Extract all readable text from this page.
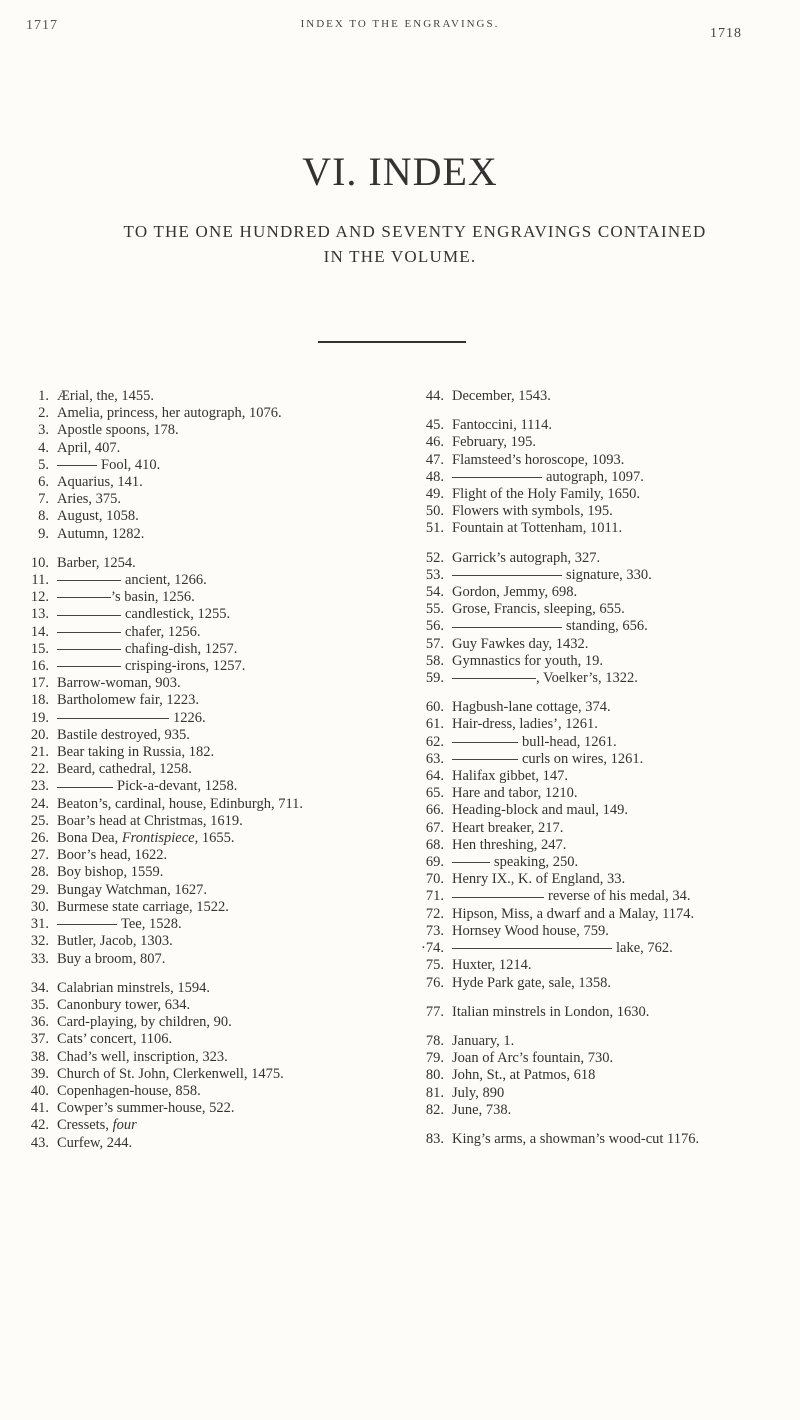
1717	INDEX TO THE ENGRAVINGS.
1718
VI. INDEX
TO THE ONE HUNDRED AND SEVENTY ENGRAVINGS CONTAINED
IN THE VOLUME.
1. Ærial, the, 1455.
2. Amelia, princess, her autograph, 1076.
3. Apostle spoons, 178.
4. April, 407.
5.	Fool, 410.
6. Aquarius, 141.
7. Aries, 375.
8. August, 1058.
9. Autumn, 1282.
10. Barber, 1254.
11.	ancient, 1266.
12.	’s basin, 1256.
13.	candlestick, 1255.
14.	chafer, 1256.
15.	chafing-dish, 1257.
16.	crisping-irons, 1257.
17. Barrow-woman, 903.
18. Bartholomew fair, 1223.
19.	1226.
20. Bastile destroyed, 935.
21. Bear taking in Russia, 182.
22. Beard, cathedral, 1258.
23.	Pick-a-devant, 1258.
24. Beaton’s, cardinal, house, Edinburgh, 711.
25. Boar’s head at Christmas, 1619.
26. Bona Dea, Frontispiece, 1655.
27. Boor’s head, 1622.
28. Boy bishop, 1559.
29. Bungay Watchman, 1627.
30. Burmese state carriage, 1522.
31.	Tee, 1528.
32. Butler, Jacob, 1303.
33. Buy a broom, 807.
34. Calabrian minstrels, 1594.
35. Canonbury tower, 634.
36. Card-playing, by children, 90.
37. Cats’ concert, 1106.
38. Chad’s well, inscription, 323.
39. Church of St. John, Clerkenwell, 1475.
40. Copenhagen-house, 858.
41. Cowper’s summer-house, 522.
42. Cressets, four
43. Curfew, 244.
44. December, 1543.
45. Fantoccini, 1114.
46. February, 195.
47. Flamsteed’s horoscope, 1093.
48.	autograph, 1097.
49. Flight of the Holy Family, 1650.
50. Flowers with symbols, 195.
51. Fountain at Tottenham, 1011.
52. Garrick’s autograph, 327.
53.	signature, 330.
54. Gordon, Jemmy, 698.
55. Grose, Francis, sleeping, 655.
56.	standing, 656.
57. Guy Fawkes day, 1432.
58. Gymnastics for youth, 19.
59.	, Voelker’s, 1322.
60. Hagbush-lane cottage, 374.
61. Hair-dress, ladies’, 1261.
62.	bull-head, 1261.
63.	curls on wires, 1261.
64. Halifax gibbet, 147.
65. Hare and tabor, 1210.
66. Heading-block and maul, 149.
67. Heart breaker, 217.
68. Hen threshing, 247.
69.	speaking, 250.
70. Henry IX., K. of England, 33.
71.	reverse of his medal, 34.
72. Hipson, Miss, a dwarf and a Malay, 1174.
73. Hornsey Wood house, 759.
·74.	lake, 762.
75. Huxter, 1214.
76. Hyde Park gate, sale, 1358.
77. Italian minstrels in London, 1630.
78. January, 1.
79. Joan of Arc’s fountain, 730.
80. John, St., at Patmos, 618
81. July, 890
82. June, 738.
83. King’s arms, a showman’s wood-cut 1176.
